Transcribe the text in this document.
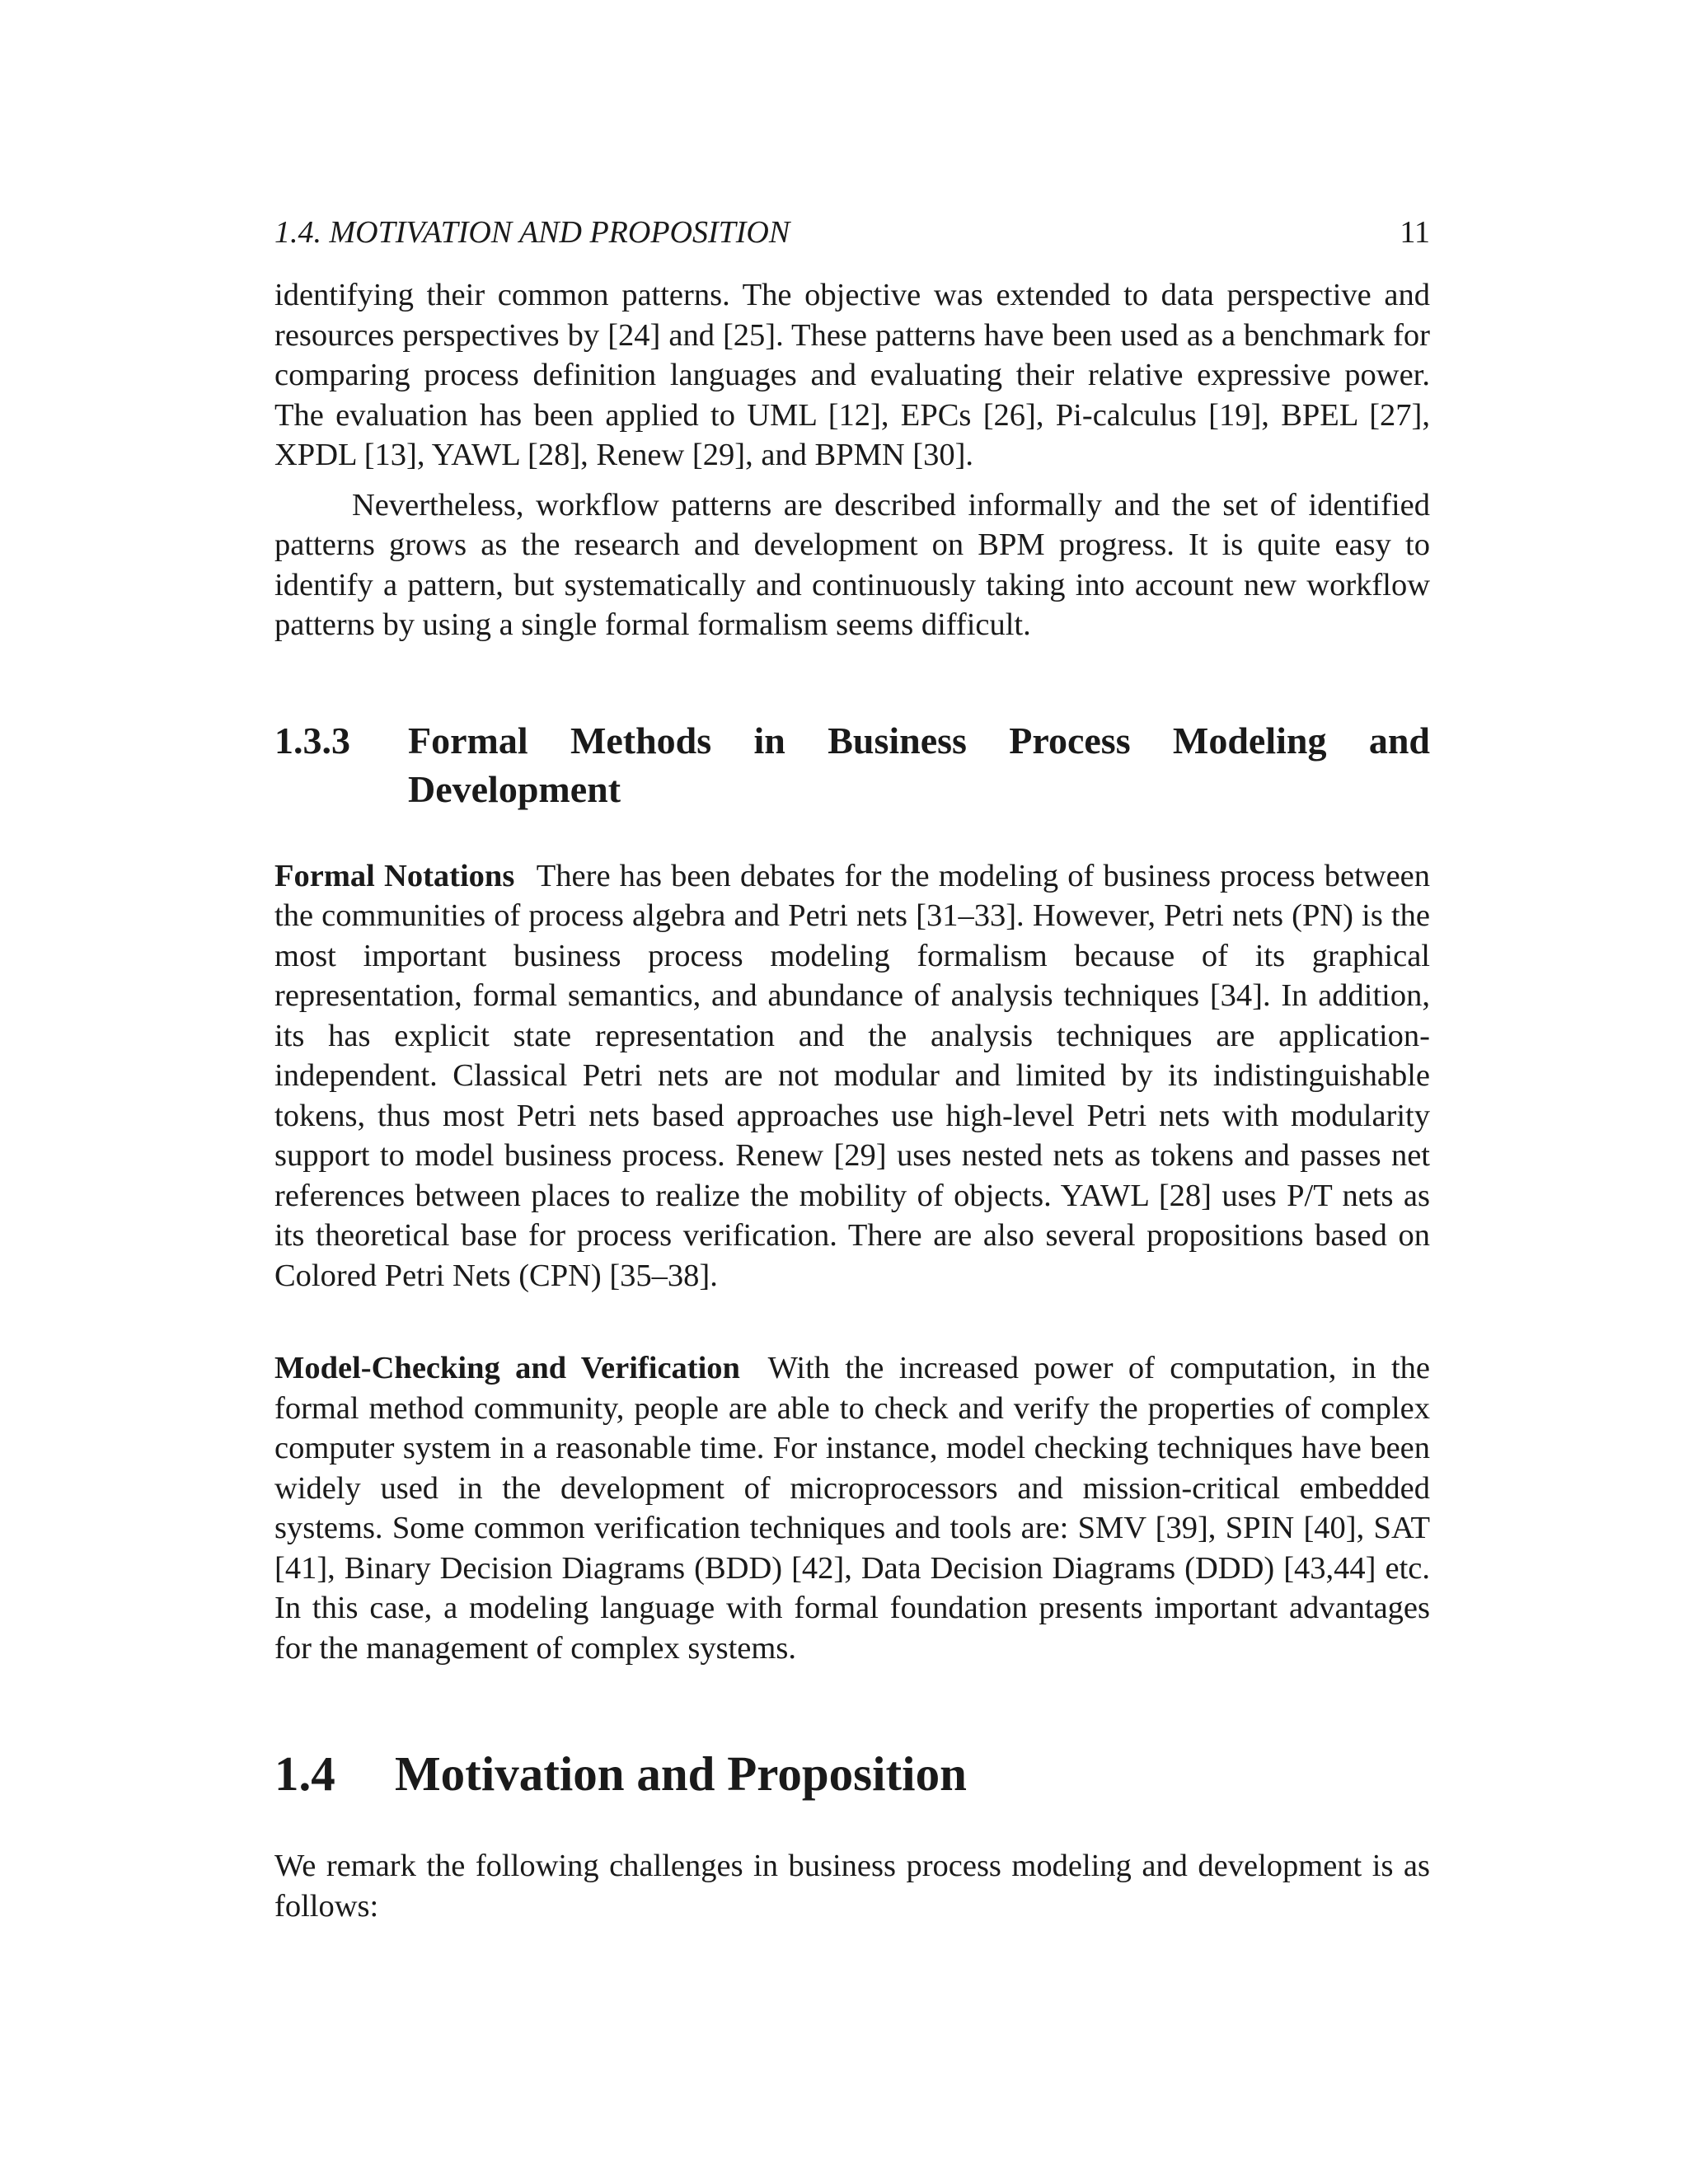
1.4. MOTIVATION AND PROPOSITION	11

identifying their common patterns. The objective was extended to data perspective and resources perspectives by [24] and [25]. These patterns have been used as a benchmark for comparing process definition languages and evaluating their relative expressive power. The evaluation has been applied to UML [12], EPCs [26], Pi-calculus [19], BPEL [27], XPDL [13], YAWL [28], Renew [29], and BPMN [30].

Nevertheless, workflow patterns are described informally and the set of identified patterns grows as the research and development on BPM progress. It is quite easy to identify a pattern, but systematically and continuously taking into account new workflow patterns by using a single formal formalism seems difficult.

1.3.3	Formal Methods in Business Process Modeling and Development

Formal Notations There has been debates for the modeling of business process between the communities of process algebra and Petri nets [31–33]. However, Petri nets (PN) is the most important business process modeling formalism because of its graphical representation, formal semantics, and abundance of analysis techniques [34]. In addition, its has explicit state representation and the analysis techniques are application-independent. Classical Petri nets are not modular and limited by its indistinguishable tokens, thus most Petri nets based approaches use high-level Petri nets with modularity support to model business process. Renew [29] uses nested nets as tokens and passes net references between places to realize the mobility of objects. YAWL [28] uses P/T nets as its theoretical base for process verification. There are also several propositions based on Colored Petri Nets (CPN) [35–38].

Model-Checking and Verification With the increased power of computation, in the formal method community, people are able to check and verify the properties of complex computer system in a reasonable time. For instance, model checking techniques have been widely used in the development of microprocessors and mission-critical embedded systems. Some common verification techniques and tools are: SMV [39], SPIN [40], SAT [41], Binary Decision Diagrams (BDD) [42], Data Decision Diagrams (DDD) [43,44] etc. In this case, a modeling language with formal foundation presents important advantages for the management of complex systems.

1.4	Motivation and Proposition

We remark the following challenges in business process modeling and development is as follows:
